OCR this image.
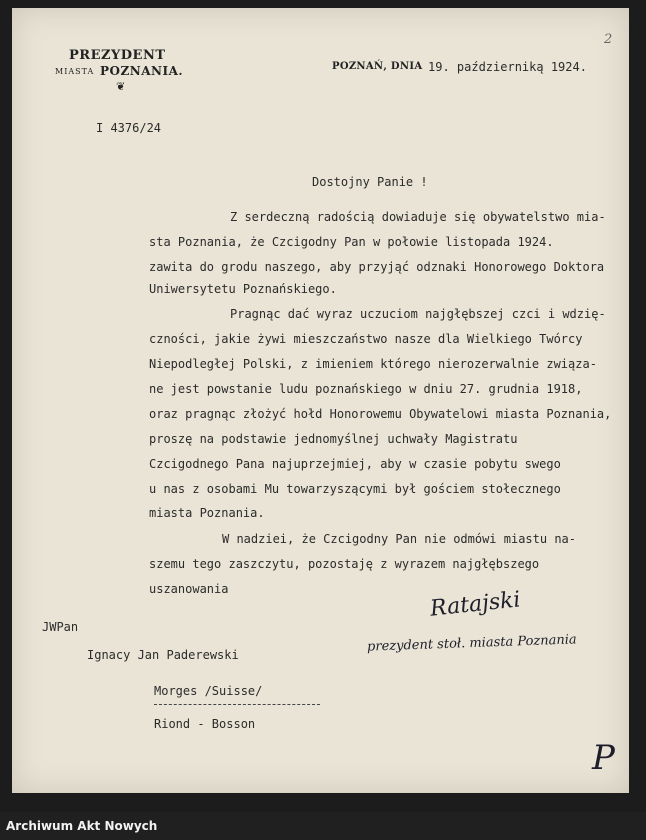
PREZYDENT
MIASTA POZNANIA.
❦
POZNAŃ, DNIA 19. październiką 1924.
2
I 4376/24
Dostojny Panie !
Z serdeczną radością dowiaduje się obywatelstwo mia-
sta Poznania, że Czcigodny Pan w połowie listopada 1924.
zawita do grodu naszego, aby przyjąć odznaki Honorowego Doktora
Uniwersytetu Poznańskiego.
Pragnąc dać wyraz uczuciom najgłębszej czci i wdzię-
czności, jakie żywi mieszczaństwo nasze dla Wielkiego Twórcy
Niepodległej Polski, z imieniem którego nierozerwalnie związa-
ne jest powstanie ludu poznańskiego w dniu 27. grudnia 1918,
oraz pragnąc złożyć hołd Honorowemu Obywatelowi miasta Poznania,
proszę na podstawie jednomyślnej uchwały Magistratu
Czcigodnego Pana najuprzejmiej, aby w czasie pobytu swego
u nas z osobami Mu towarzyszącymi był gościem stołecznego
miasta Poznania.
W nadziei, że Czcigodny Pan nie odmówi miastu na-
szemu tego zaszczytu, pozostaję z wyrazem najgłębszego
uszanowania	Ratajski
prezydent stoł. miasta Poznania
JWPan
Ignacy Jan Paderewski
Morges /Suisse/
Riond - Bosson
P
Archiwum Akt Nowych
